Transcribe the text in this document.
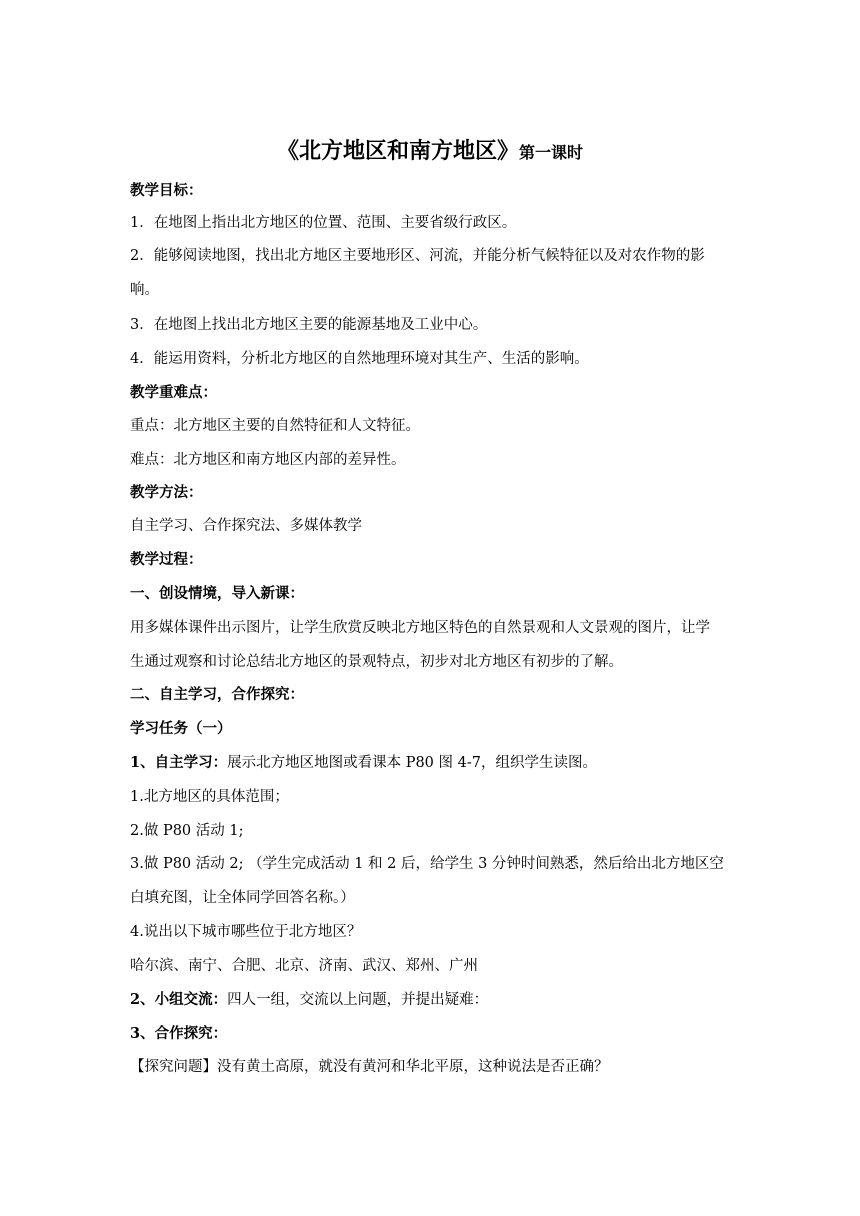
《北方地区和南方地区》第一课时
教学目标：
1．在地图上指出北方地区的位置、范围、主要省级行政区。
2．能够阅读地图，找出北方地区主要地形区、河流，并能分析气候特征以及对农作物的影
响。
3．在地图上找出北方地区主要的能源基地及工业中心。
4．能运用资料，分析北方地区的自然地理环境对其生产、生活的影响。
教学重难点：
重点：北方地区主要的自然特征和人文特征。
难点：北方地区和南方地区内部的差异性。
教学方法：
自主学习、合作探究法、多媒体教学
教学过程：
一、创设情境，导入新课：
用多媒体课件出示图片，让学生欣赏反映北方地区特色的自然景观和人文景观的图片，让学
生通过观察和讨论总结北方地区的景观特点，初步对北方地区有初步的了解。
二、自主学习，合作探究：
学习任务（一）
1、自主学习：展示北方地区地图或看课本 P80 图 4-7，组织学生读图。
1.北方地区的具体范围；
2.做 P80 活动 1;
3.做 P80 活动 2; （学生完成活动 1 和 2 后，给学生 3 分钟时间熟悉，然后给出北方地区空
白填充图，让全体同学回答名称。）
4.说出以下城市哪些位于北方地区？
哈尔滨、南宁、合肥、北京、济南、武汉、郑州、广州
2、小组交流：四人一组，交流以上问题，并提出疑难：
3、合作探究：
【探究问题】没有黄土高原，就没有黄河和华北平原，这种说法是否正确？
